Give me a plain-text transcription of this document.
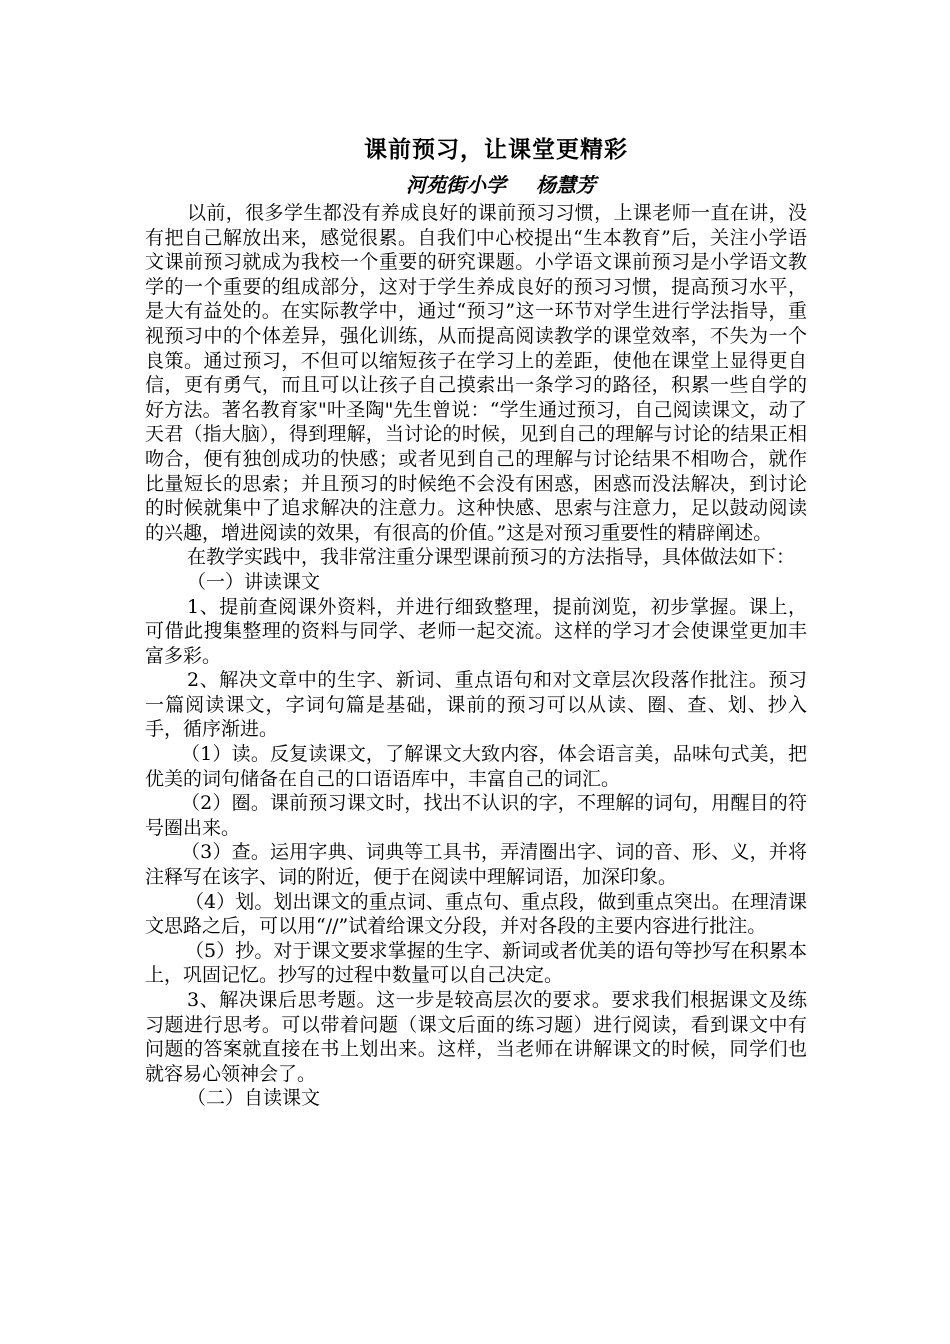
课前预习，让课堂更精彩
河苑街小学 杨慧芳

以前，很多学生都没有养成良好的课前预习习惯，上课老师一直在讲，没有把自己解放出来，感觉很累。自我们中心校提出“生本教育”后，关注小学语文课前预习就成为我校一个重要的研究课题。小学语文课前预习是小学语文教学的一个重要的组成部分，这对于学生养成良好的预习习惯，提高预习水平，是大有益处的。在实际教学中，通过“预习”这一环节对学生进行学法指导，重视预习中的个体差异，强化训练，从而提高阅读教学的课堂效率，不失为一个良策。通过预习，不但可以缩短孩子在学习上的差距，使他在课堂上显得更自信，更有勇气，而且可以让孩子自己摸索出一条学习的路径，积累一些自学的好方法。著名教育家"叶圣陶"先生曾说：“学生通过预习，自己阅读课文，动了天君（指大脑），得到理解，当讨论的时候，见到自己的理解与讨论的结果正相吻合，便有独创成功的快感；或者见到自己的理解与讨论结果不相吻合，就作比量短长的思索；并且预习的时候绝不会没有困惑，困惑而没法解决，到讨论的时候就集中了追求解决的注意力。这种快感、思索与注意力，足以鼓动阅读的兴趣，增进阅读的效果，有很高的价值。”这是对预习重要性的精辟阐述。

在教学实践中，我非常注重分课型课前预习的方法指导，具体做法如下：

（一）讲读课文

1、提前查阅课外资料，并进行细致整理，提前浏览，初步掌握。课上，可借此搜集整理的资料与同学、老师一起交流。这样的学习才会使课堂更加丰富多彩。

2、解决文章中的生字、新词、重点语句和对文章层次段落作批注。预习一篇阅读课文，字词句篇是基础，课前的预习可以从读、圈、查、划、抄入手，循序渐进。

（1）读。反复读课文，了解课文大致内容，体会语言美，品味句式美，把优美的词句储备在自己的口语语库中，丰富自己的词汇。

（2）圈。课前预习课文时，找出不认识的字，不理解的词句，用醒目的符号圈出来。

（3）查。运用字典、词典等工具书，弄清圈出字、词的音、形、义，并将注释写在该字、词的附近，便于在阅读中理解词语，加深印象。

（4）划。划出课文的重点词、重点句、重点段，做到重点突出。在理清课文思路之后，可以用“//”试着给课文分段，并对各段的主要内容进行批注。

（5）抄。对于课文要求掌握的生字、新词或者优美的语句等抄写在积累本上，巩固记忆。抄写的过程中数量可以自己决定。

3、解决课后思考题。这一步是较高层次的要求。要求我们根据课文及练习题进行思考。可以带着问题（课文后面的练习题）进行阅读，看到课文中有问题的答案就直接在书上划出来。这样，当老师在讲解课文的时候，同学们也就容易心领神会了。

（二）自读课文
